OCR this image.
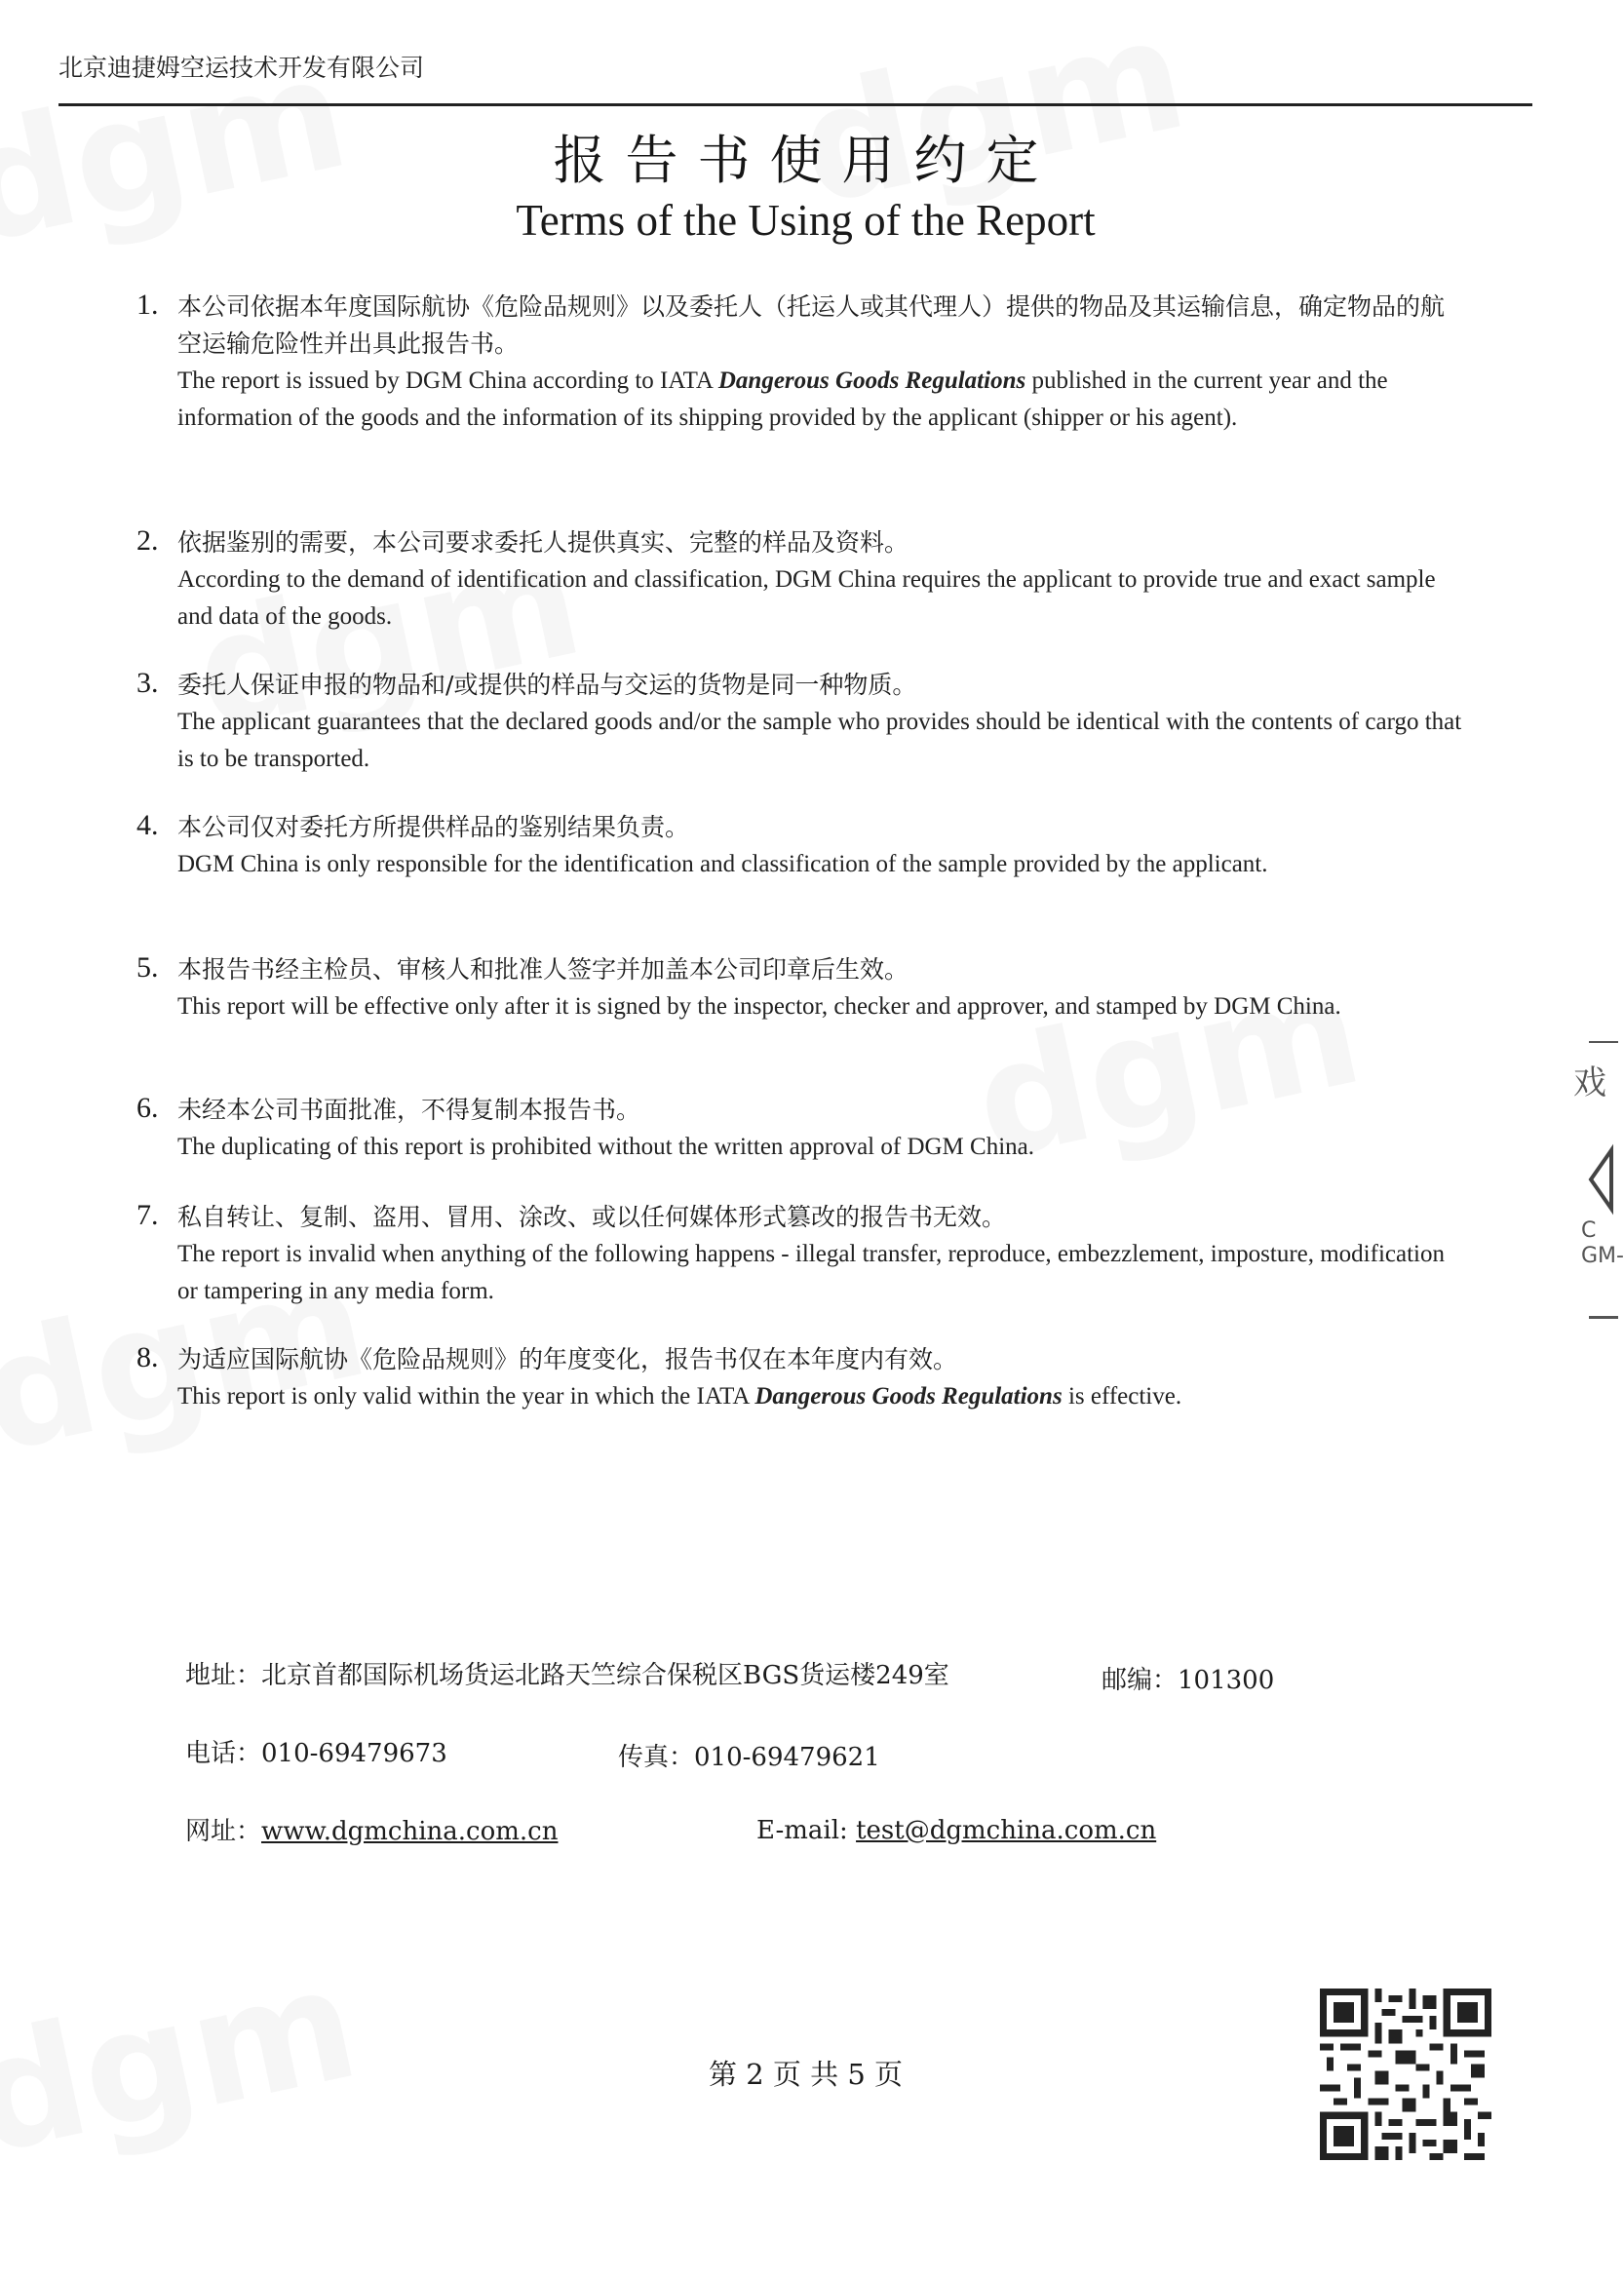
北京迪捷姆空运技术开发有限公司
报告书使用约定
Terms of the Using of the Report
1. 本公司依据本年度国际航协《危险品规则》以及委托人（托运人或其代理人）提供的物品及其运输信息，确定物品的航空运输危险性并出具此报告书。
The report is issued by DGM China according to IATA Dangerous Goods Regulations published in the current year and the information of the goods and the information of its shipping provided by the applicant (shipper or his agent).
2. 依据鉴别的需要，本公司要求委托人提供真实、完整的样品及资料。
According to the demand of identification and classification, DGM China requires the applicant to provide true and exact sample and data of the goods.
3. 委托人保证申报的物品和/或提供的样品与交运的货物是同一种物质。
The applicant guarantees that the declared goods and/or the sample who provides should be identical with the contents of cargo that is to be transported.
4. 本公司仅对委托方所提供样品的鉴别结果负责。
DGM China is only responsible for the identification and classification of the sample provided by the applicant.
5. 本报告书经主检员、审核人和批准人签字并加盖本公司印章后生效。
This report will be effective only after it is signed by the inspector, checker and approver, and stamped by DGM China.
6. 未经本公司书面批准，不得复制本报告书。
The duplicating of this report is prohibited without the written approval of DGM China.
7. 私自转让、复制、盗用、冒用、涂改、或以任何媒体形式篡改的报告书无效。
The report is invalid when anything of the following happens - illegal transfer, reproduce, embezzlement, imposture, modification or tampering in any media form.
8. 为适应国际航协《危险品规则》的年度变化，报告书仅在本年度内有效。
This report is only valid within the year in which the IATA Dangerous Goods Regulations is effective.
地址：北京首都国际机场货运北路天竺综合保税区BGS货运楼249室	邮编：101300
电话：010-69479673	传真：010-69479621
网址：www.dgmchina.com.cn	E-mail: test@dgmchina.com.cn
第 2 页 共 5 页
戏
C
GM-
